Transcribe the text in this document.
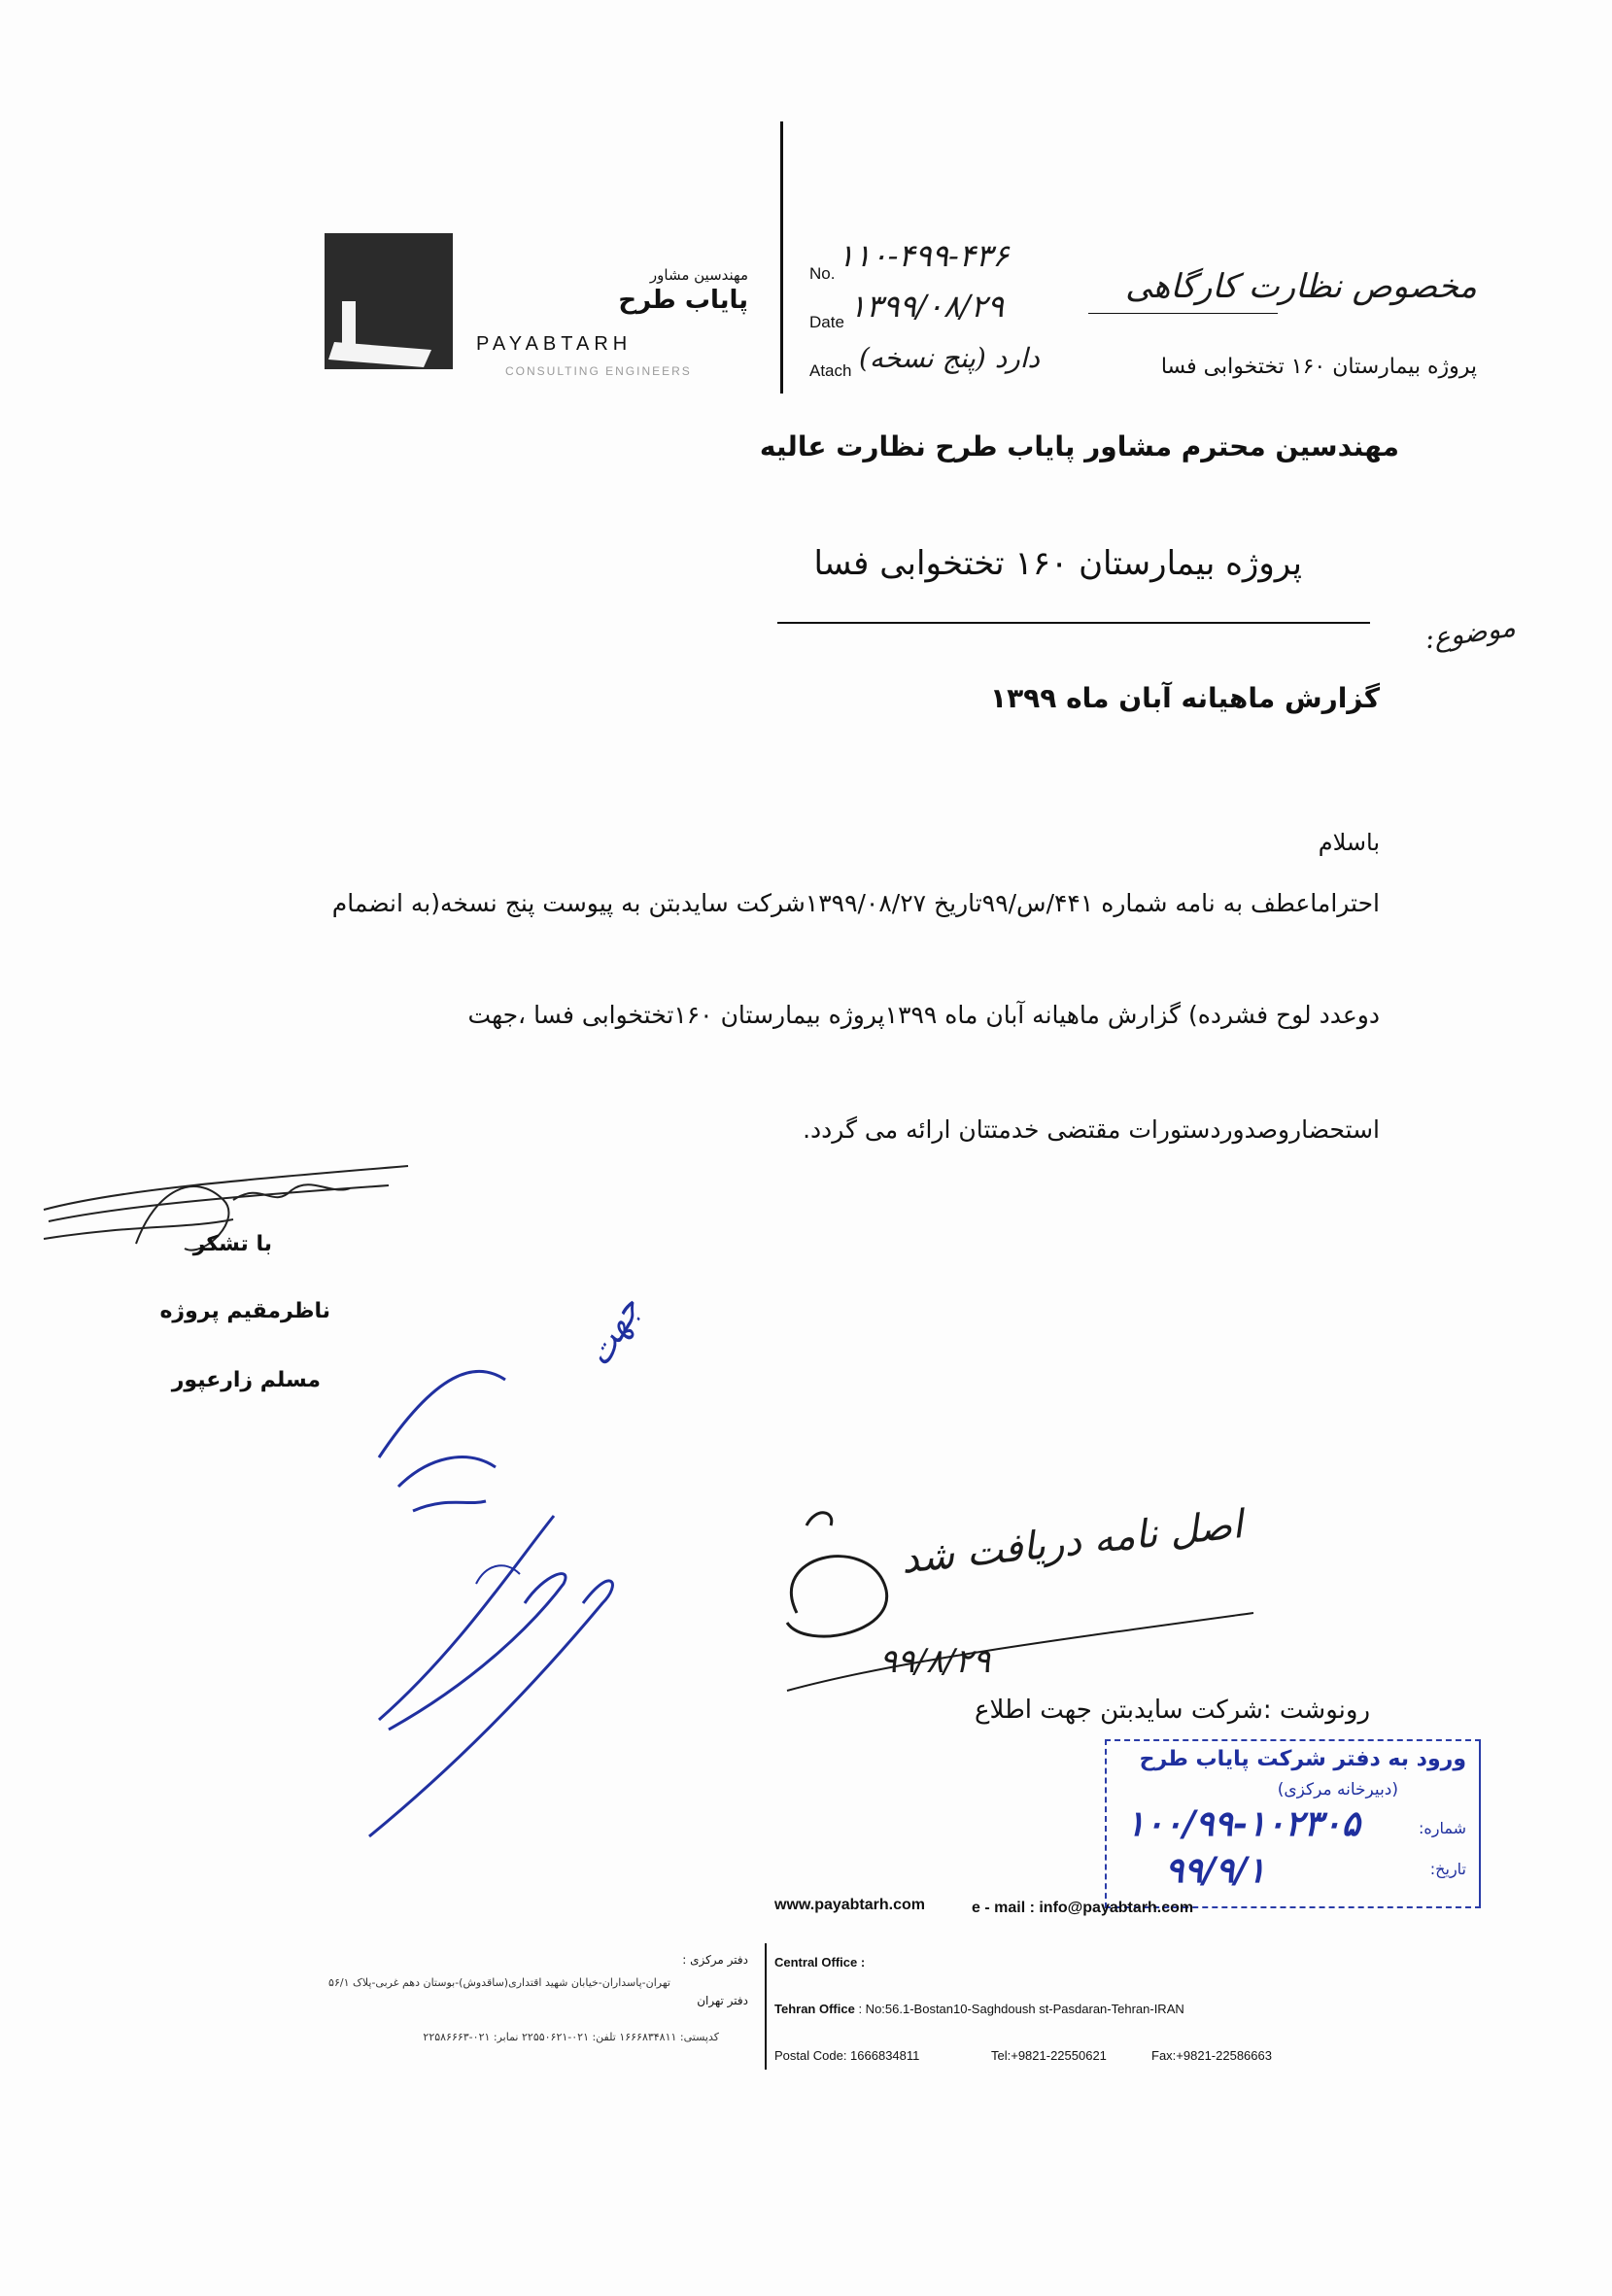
مهندسین مشاور
پایاب طرح
PAYABTARH
CONSULTING ENGINEERS
No. ۱۱۰-۴۹۹-۴۳۶
Date ۱۳۹۹/۰۸/۲۹
Atach دارد (پنج نسخه)
مخصوص نظارت کارگاهی
پروژه بیمارستان ۱۶۰ تختخوابی فسا
مهندسین محترم مشاور پایاب طرح نظارت عالیه
پروژه بیمارستان ۱۶۰ تختخوابی فسا
موضوع:
گزارش ماهیانه آبان ماه ۱۳۹۹
باسلام
احتراماعطف به نامه شماره ۴۴۱/س/۹۹تاریخ ۱۳۹۹/۰۸/۲۷شرکت سایدبتن به پیوست پنج نسخه(به انضمام
دوعدد لوح فشرده) گزارش ماهیانه آبان ماه ۱۳۹۹پروژه بیمارستان ۱۶۰تختخوابی فسا ،جهت
استحضاروصدوردستورات مقتضی خدمتتان ارائه می گردد.
با تشکر
ناظرمقیم پروژه
مسلم زارعپور
جهت
اصل نامه دریافت شد
۹۹/۸/۲۹
رونوشت :شرکت سایدبتن جهت اطلاع
ورود به دفتر شرکت پایاب طرح
(دبیرخانه مرکزی)
شماره:
۱۰۰/۹۹-۱۰۲۳۰۵
تاریخ:
۹۹/۹/۱
www.payabtarh.com	e - mail : info@payabtarh.com
دفتر مرکزی :
دفتر تهران
تهران-پاسداران-خیابان شهید اقتداری(ساقدوش)-بوستان دهم غربی-پلاک ۵۶/۱
کدپستی: ۱۶۶۶۸۳۴۸۱۱ تلفن: ۰۲۱-۲۲۵۵۰۶۲۱ نمابر: ۰۲۱-۲۲۵۸۶۶۶۳
Central Office :
Tehran Office : No:56.1-Bostan10-Saghdoush st-Pasdaran-Tehran-IRAN
Postal Code: 1666834811	Tel:+9821-22550621	Fax:+9821-22586663
